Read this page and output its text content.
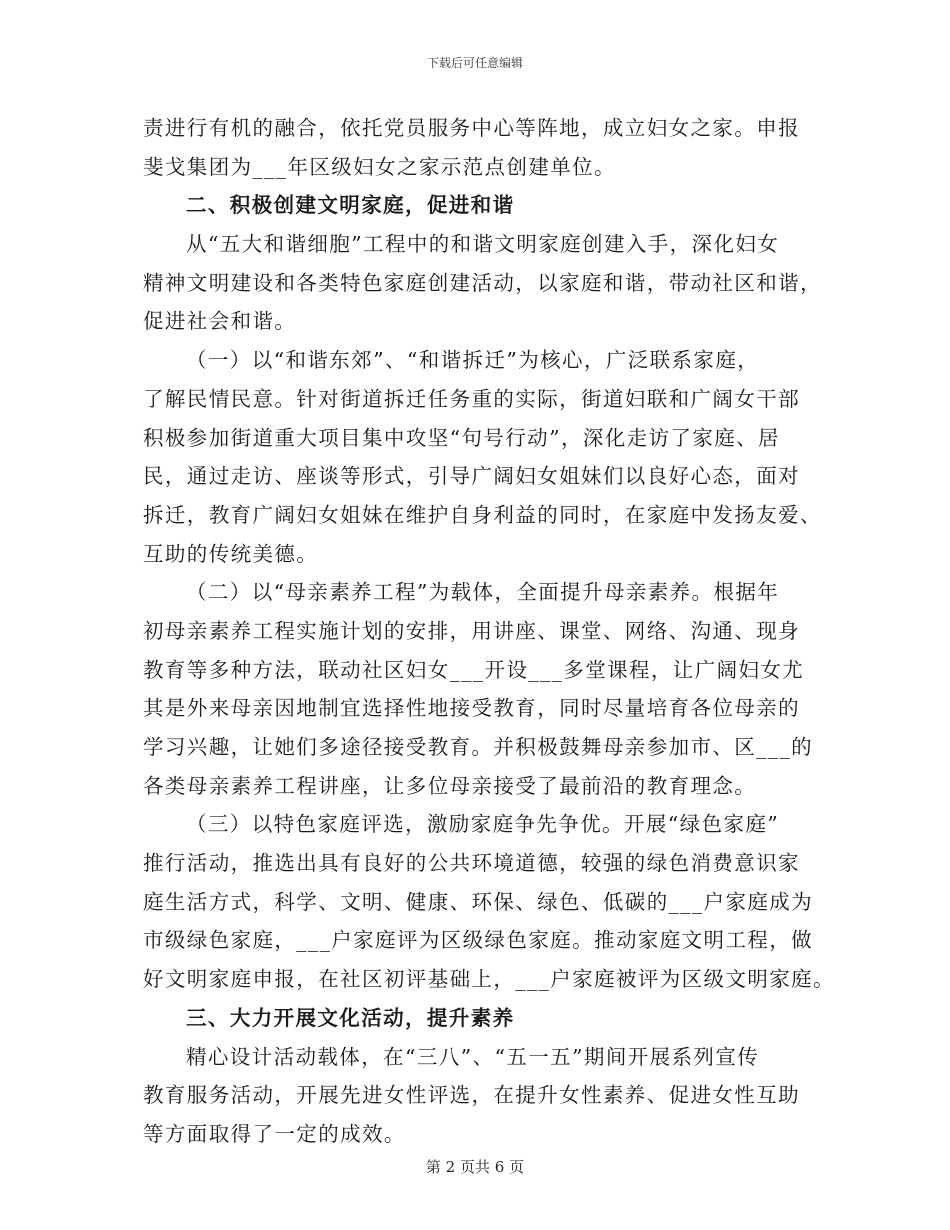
下载后可任意编辑
责进行有机的融合，依托党员服务中心等阵地，成立妇女之家。申报
斐戈集团为___年区级妇女之家示范点创建单位。
二、积极创建文明家庭，促进和谐
从“五大和谐细胞”工程中的和谐文明家庭创建入手，深化妇女
精神文明建设和各类特色家庭创建活动，以家庭和谐，带动社区和谐，
促进社会和谐。
（一）以“和谐东郊”、“和谐拆迁”为核心，广泛联系家庭，
了解民情民意。针对街道拆迁任务重的实际，街道妇联和广阔女干部
积极参加街道重大项目集中攻坚“句号行动”，深化走访了家庭、居
民，通过走访、座谈等形式，引导广阔妇女姐妹们以良好心态，面对
拆迁，教育广阔妇女姐妹在维护自身利益的同时，在家庭中发扬友爱、
互助的传统美德。
（二）以“母亲素养工程”为载体，全面提升母亲素养。根据年
初母亲素养工程实施计划的安排，用讲座、课堂、网络、沟通、现身
教育等多种方法，联动社区妇女___开设___多堂课程，让广阔妇女尤
其是外来母亲因地制宜选择性地接受教育，同时尽量培育各位母亲的
学习兴趣，让她们多途径接受教育。并积极鼓舞母亲参加市、区___的
各类母亲素养工程讲座，让多位母亲接受了最前沿的教育理念。
（三）以特色家庭评选，激励家庭争先争优。开展“绿色家庭”
推行活动，推选出具有良好的公共环境道德，较强的绿色消费意识家
庭生活方式，科学、文明、健康、环保、绿色、低碳的___户家庭成为
市级绿色家庭，___户家庭评为区级绿色家庭。推动家庭文明工程，做
好文明家庭申报，在社区初评基础上，___户家庭被评为区级文明家庭。
三、大力开展文化活动，提升素养
精心设计活动载体，在“三八”、“五一五”期间开展系列宣传
教育服务活动，开展先进女性评选，在提升女性素养、促进女性互助
等方面取得了一定的成效。
第 2 页共 6 页
